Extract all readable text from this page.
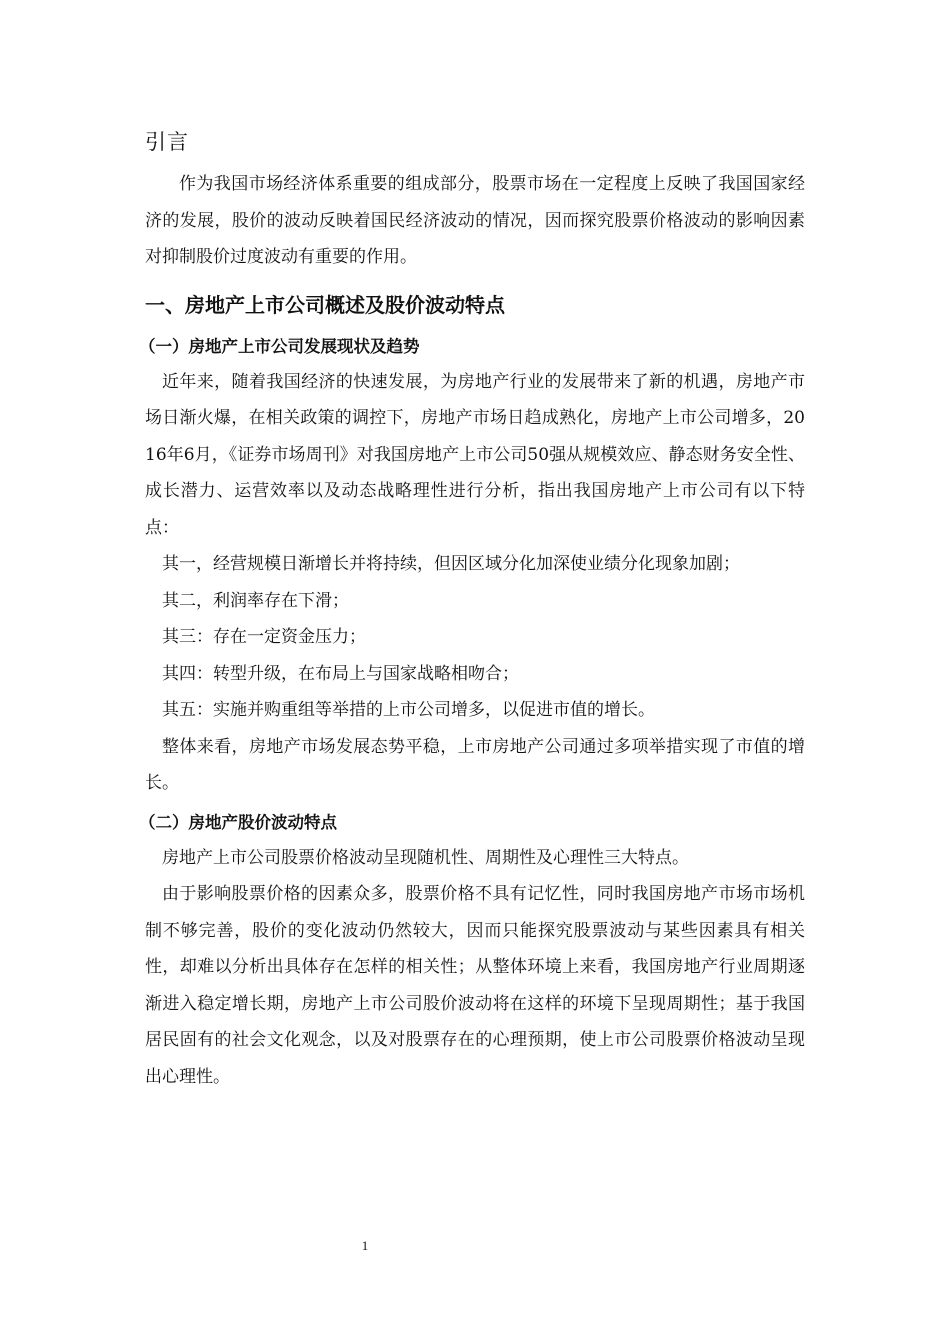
引言

作为我国市场经济体系重要的组成部分，股票市场在一定程度上反映了我国国家经济的发展，股价的波动反映着国民经济波动的情况，因而探究股票价格波动的影响因素对抑制股价过度波动有重要的作用。

一、房地产上市公司概述及股价波动特点
（一）房地产上市公司发展现状及趋势

近年来，随着我国经济的快速发展，为房地产行业的发展带来了新的机遇，房地产市场日渐火爆，在相关政策的调控下，房地产市场日趋成熟化，房地产上市公司增多，2016年6月，《证券市场周刊》对我国房地产上市公司50强从规模效应、静态财务安全性、成长潜力、运营效率以及动态战略理性进行分析，指出我国房地产上市公司有以下特点：

其一，经营规模日渐增长并将持续，但因区域分化加深使业绩分化现象加剧；

其二，利润率存在下滑；

其三：存在一定资金压力；

其四：转型升级，在布局上与国家战略相吻合；

其五：实施并购重组等举措的上市公司增多，以促进市值的增长。

整体来看，房地产市场发展态势平稳，上市房地产公司通过多项举措实现了市值的增长。

（二）房地产股价波动特点

房地产上市公司股票价格波动呈现随机性、周期性及心理性三大特点。

由于影响股票价格的因素众多，股票价格不具有记忆性，同时我国房地产市场市场机制不够完善，股价的变化波动仍然较大，因而只能探究股票波动与某些因素具有相关性，却难以分析出具体存在怎样的相关性；从整体环境上来看，我国房地产行业周期逐渐进入稳定增长期，房地产上市公司股价波动将在这样的环境下呈现周期性；基于我国居民固有的社会文化观念，以及对股票存在的心理预期，使上市公司股票价格波动呈现出心理性。

1
